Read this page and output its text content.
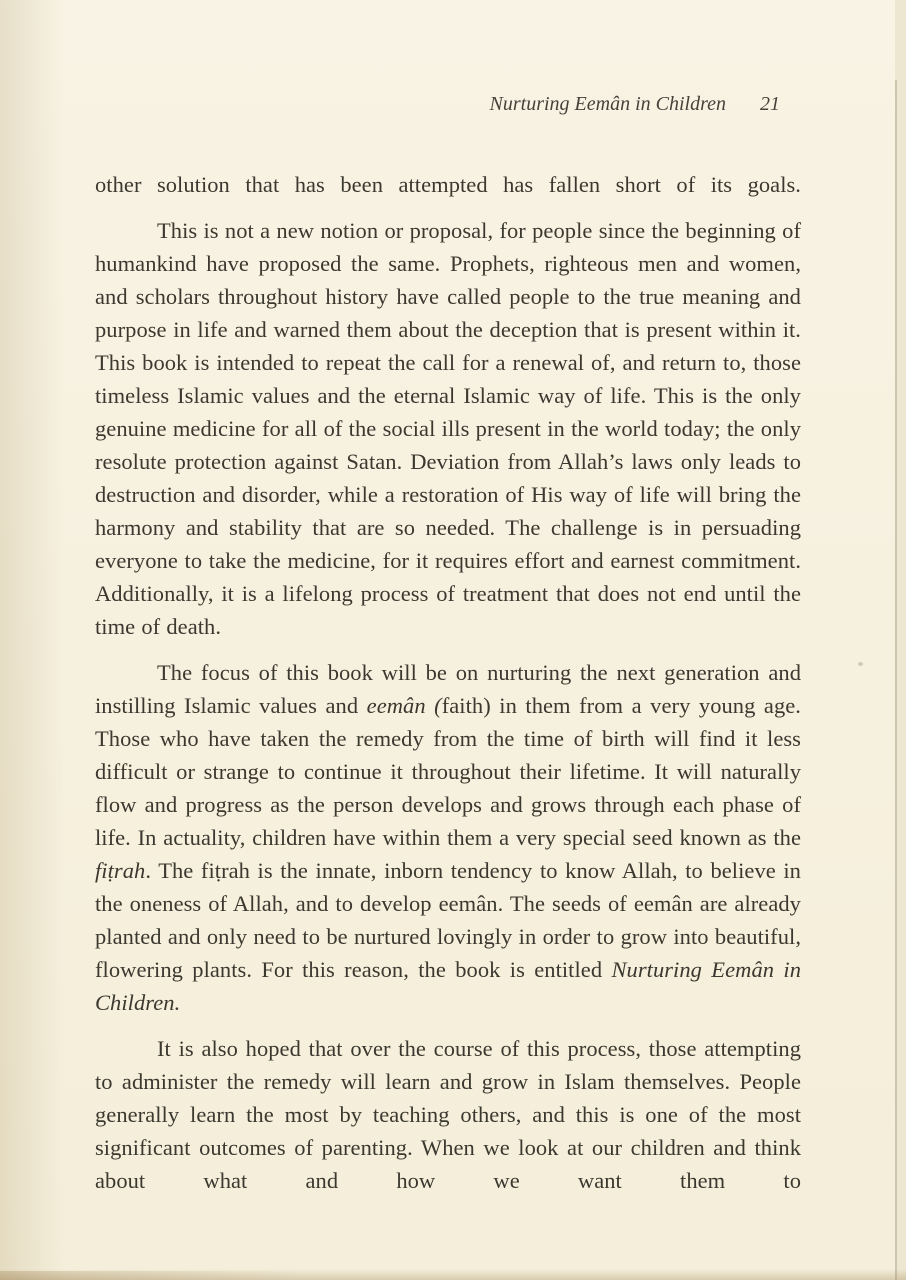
Nurturing Eemân in Children 21

other solution that has been attempted has fallen short of its goals.

This is not a new notion or proposal, for people since the beginning of humankind have proposed the same. Prophets, righteous men and women, and scholars throughout history have called people to the true meaning and purpose in life and warned them about the deception that is present within it. This book is intended to repeat the call for a renewal of, and return to, those timeless Islamic values and the eternal Islamic way of life. This is the only genuine medicine for all of the social ills present in the world today; the only resolute protection against Satan. Deviation from Allah’s laws only leads to destruction and disorder, while a restoration of His way of life will bring the harmony and stability that are so needed. The challenge is in persuading everyone to take the medicine, for it requires effort and earnest commitment. Additionally, it is a lifelong process of treatment that does not end until the time of death.

The focus of this book will be on nurturing the next generation and instilling Islamic values and eemân (faith) in them from a very young age. Those who have taken the remedy from the time of birth will find it less difficult or strange to continue it throughout their lifetime. It will naturally flow and progress as the person develops and grows through each phase of life. In actuality, children have within them a very special seed known as the fiṭrah. The fiṭrah is the innate, inborn tendency to know Allah, to believe in the oneness of Allah, and to develop eemân. The seeds of eemân are already planted and only need to be nurtured lovingly in order to grow into beautiful, flowering plants. For this reason, the book is entitled Nurturing Eemân in Children.

It is also hoped that over the course of this process, those attempting to administer the remedy will learn and grow in Islam themselves. People generally learn the most by teaching others, and this is one of the most significant outcomes of parenting. When we look at our children and think about what and how we want them to
